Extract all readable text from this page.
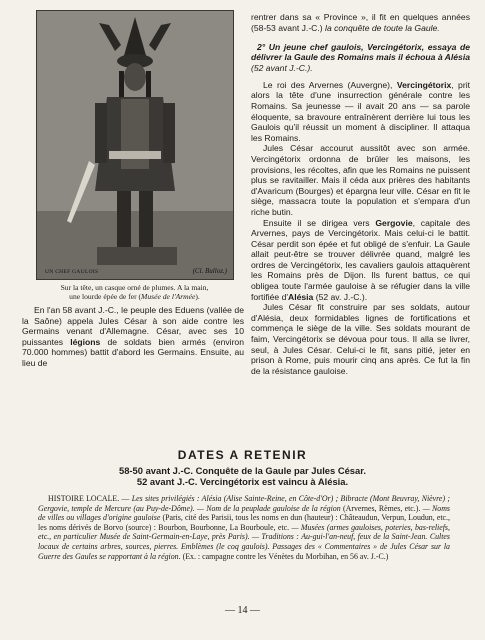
UN CHEF GAULOIS	(Cl. Bulloz.)
Sur la tête, un casque orné de plumes. A la main,
une lourde épée de fer (Musée de l'Armée).
En l'an 58 avant J.-C., le peuple des Eduens (vallée de la Saône) appela Jules César à son aide contre les Germains venant d'Allemagne. César, avec ses 10 puissantes légions de soldats bien armés (environ 70.000 hommes) battit d'abord les Germains. Ensuite, au lieu de

rentrer dans sa « Province », il fit en quelques années (58-53 avant J.-C.) la conquête de toute la Gaule.

2° Un jeune chef gaulois, Vercingétorix, essaya de délivrer la Gaule des Romains mais il échoua à Alésia (52 avant J.-C.).

Le roi des Arvernes (Auvergne), Vercingétorix, prit alors la tête d'une insurrection générale contre les Romains. Sa jeunesse — il avait 20 ans — sa parole éloquente, sa bravoure entraînèrent derrière lui tous les Gaulois qu'il réussit un moment à discipliner. Il attaqua les Romains.

Jules César accourut aussitôt avec son armée. Vercingétorix ordonna de brûler les maisons, les provisions, les récoltes, afin que les Romains ne puissent plus se ravitailler. Mais il céda aux prières des habitants d'Avaricum (Bourges) et épargna leur ville. César en fit le siège, massacra toute la population et s'empara d'un riche butin.

Ensuite il se dirigea vers Gergovie, capitale des Arvernes, pays de Vercingétorix. Mais celui-ci le battit. César perdit son épée et fut obligé de s'enfuir. La Gaule allait peut-être se trouver délivrée quand, malgré les ordres de Vercingétorix, les cavaliers gaulois attaquèrent les Romains près de Dijon. Ils furent battus, ce qui obligea toute l'armée gauloise à se réfugier dans la ville fortifiée d'Alésia (52 av. J.-C.).

Jules César fit construire par ses soldats, autour d'Alésia, deux formidables lignes de fortifications et commença le siège de la ville. Ses soldats mourant de faim, Vercingétorix se dévoua pour tous. Il alla se livrer, seul, à Jules César. Celui-ci le fit, sans pitié, jeter en prison à Rome, puis mourir cinq ans après. Ce fut la fin de la résistance gauloise.

DATES A RETENIR
58-50 avant J.-C. Conquête de la Gaule par Jules César.
52 avant J.-C. Vercingétorix est vaincu à Alésia.
HISTOIRE LOCALE. — Les sites privilégiés : Alésia (Alise Sainte-Reine, en Côte-d'Or) ; Bibracte (Mont Beuvray, Nièvre) ; Gergovie, temple de Mercure (au Puy-de-Dôme). — Nom de la peuplade gauloise de la région (Arvernes, Rèmes, etc.). — Noms de villes ou villages d'origine gauloise (Paris, cité des Parisii, tous les noms en dun (hauteur) : Châteaudun, Verpun, Loudun, etc., les noms dérivés de Borvo (source) : Bourbon, Bourbonne, La Bourboule, etc. — Musées (armes gauloises, poteries, bas-reliefs, etc., en particulier Musée de Saint-Germain-en-Laye, près Paris). — Traditions : Au-gui-l'an-neuf, feux de la Saint-Jean. Cultes locaux de certains arbres, sources, pierres. Emblèmes (le coq gaulois). Passages des « Commentaires » de Jules César sur la Guerre des Gaules se rapportant à la région. (Ex. : campagne contre les Vénètes du Morbihan, en 56 av. J.-C.)
— 14 —
